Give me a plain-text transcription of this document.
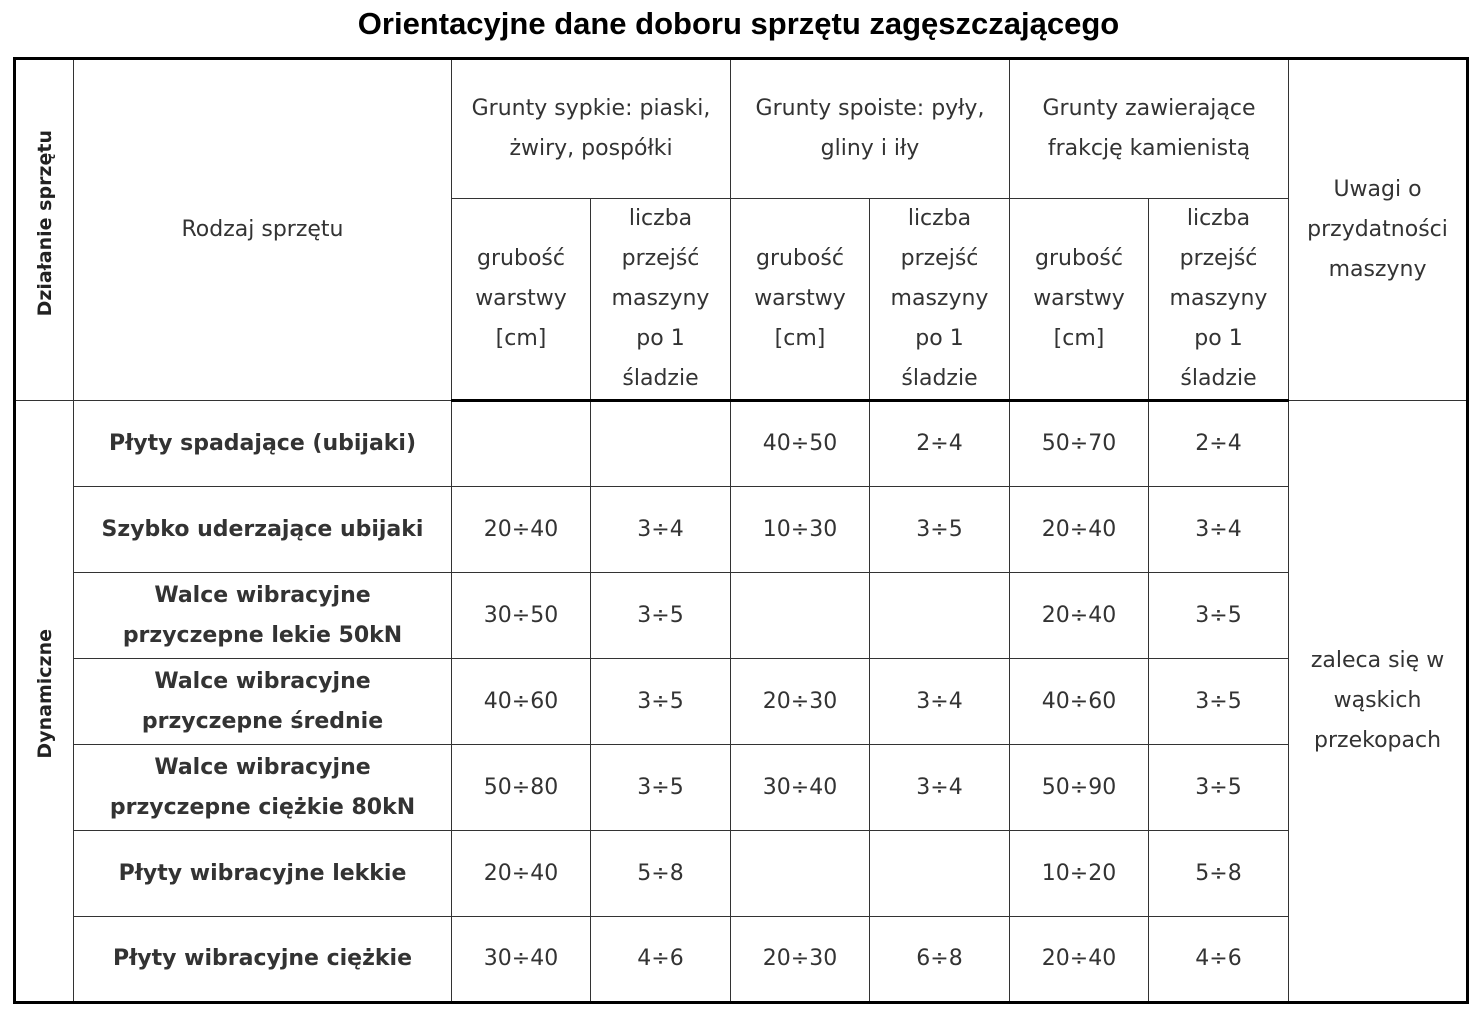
Orientacyjne dane doboru sprzętu zagęszczającego
Działanie sprzętu	Rodzaj sprzętu	Grunty sypkie: piaski, żwiry, pospółki		Grunty spoiste: pyły, gliny i iły		Grunty zawierające frakcję kamienistą		Uwagi o przydatności maszyny
		grubość warstwy [cm]	liczba przejść maszyny po 1 śladzie	grubość warstwy [cm]	liczba przejść maszyny po 1 śladzie	grubość warstwy [cm]	liczba przejść maszyny po 1 śladzie	
Dynamiczne	Płyty spadające (ubijaki)			40÷50	2÷4	50÷70	2÷4	zaleca się w wąskich przekopach
	Szybko uderzające ubijaki	20÷40	3÷4	10÷30	3÷5	20÷40	3÷4	
	Walce wibracyjne przyczepne lekie 50kN	30÷50	3÷5			20÷40	3÷5	
	Walce wibracyjne przyczepne średnie	40÷60	3÷5	20÷30	3÷4	40÷60	3÷5	
	Walce wibracyjne przyczepne ciężkie 80kN	50÷80	3÷5	30÷40	3÷4	50÷90	3÷5	
	Płyty wibracyjne lekkie	20÷40	5÷8			10÷20	5÷8	
	Płyty wibracyjne ciężkie	30÷40	4÷6	20÷30	6÷8	20÷40	4÷6	
